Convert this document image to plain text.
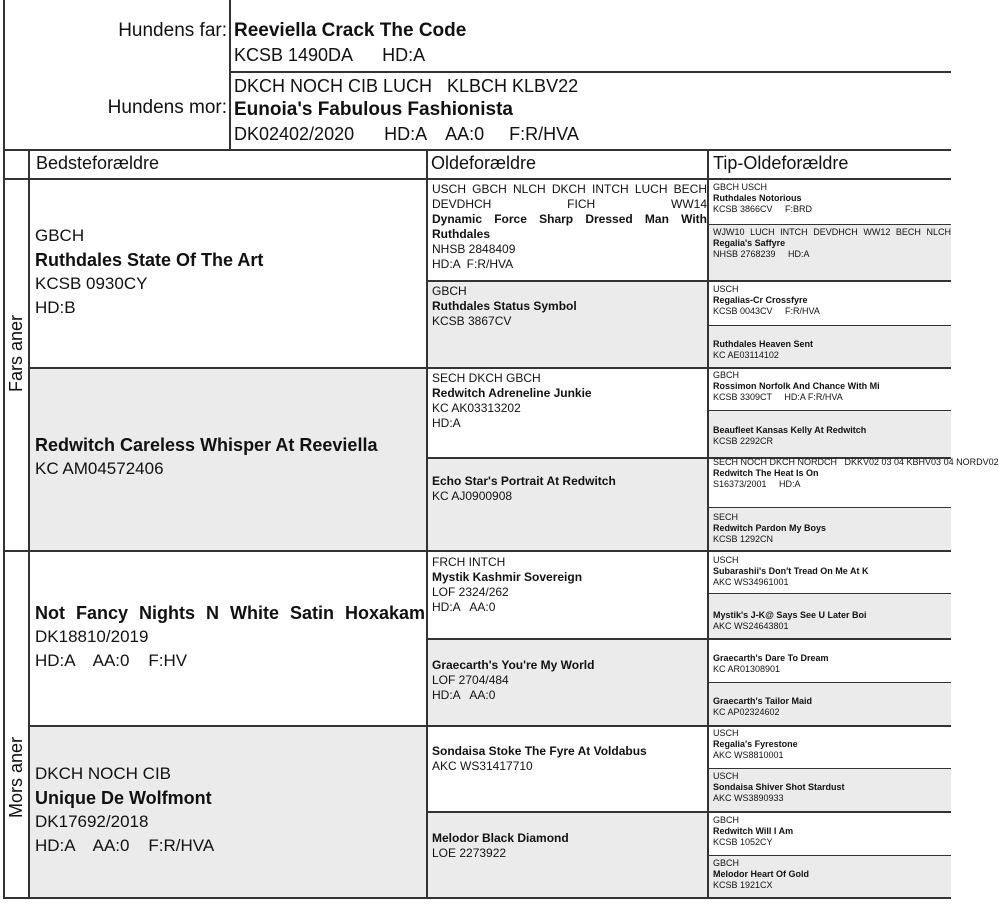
Hundens far: Reeviella Crack The Code
KCSB 1490DA      HD:A
Hundens mor:
DKCH NOCH CIB LUCH   KLBCH KLBV22
Eunoia's Fabulous Fashionista
DK02402/2020      HD:A    AA:0     F:R/HVA
Bedsteforældre	Oldeforældre	Tip-Oldeforældre
Fars aner
Mors aner
GBCH
Ruthdales State Of The Art
KCSB 0930CY
HD:B
Redwitch Careless Whisper At Reeviella
KC AM04572406
Not Fancy Nights N White Satin Hoxakam
DK18810/2019
HD:A    AA:0    F:HV
DKCH NOCH CIB
Unique De Wolfmont
DK17692/2018
HD:A    AA:0    F:R/HVA
USCH GBCH NLCH DKCH INTCH LUCH BECH DEVDHCH FICH WW14
Dynamic Force Sharp Dressed Man With Ruthdales
NHSB 2848409
HD:A  F:R/HVA
GBCH
Ruthdales Status Symbol
KCSB 3867CV
SECH DKCH GBCH
Redwitch Adreneline Junkie
KC AK03313202
HD:A
Echo Star's Portrait At Redwitch
KC AJ0900908
FRCH INTCH
Mystik Kashmir Sovereign
LOF 2324/262
HD:A   AA:0
Graecarth's You're My World
LOF 2704/484
HD:A   AA:0
Sondaisa Stoke The Fyre At Voldabus
AKC WS31417710
Melodor Black Diamond
LOE 2273922
GBCH USCH
Ruthdales Notorious
KCSB 3866CV     F:BRD
WJW10 LUCH INTCH DEVDHCH WW12 BECH NLCH
Regalia's Saffyre
NHSB 2768239     HD:A
USCH
Regalias-Cr Crossfyre
KCSB 0043CV     F:R/HVA
Ruthdales Heaven Sent
KC AE03114102
GBCH
Rossimon Norfolk And Chance With Mi
KCSB 3309CT     HD:A F:R/HVA
Beaufleet Kansas Kelly At Redwitch
KCSB 2292CR
SECH NOCH DKCH NORDCH   DKKV02 03 04 KBHV03 04 NORDV02
Redwitch The Heat Is On
S16373/2001     HD:A
SECH
Redwitch Pardon My Boys
KCSB 1292CN
USCH
Subarashii's Don't Tread On Me At K
AKC WS34961001
Mystik's J-K@ Says See U Later Boi
AKC WS24643801
Graecarth's Dare To Dream
KC AR01308901
Graecarth's Tailor Maid
KC AP02324602
USCH
Regalia's Fyrestone
AKC WS8810001
USCH
Sondaisa Shiver Shot Stardust
AKC WS3890933
GBCH
Redwitch Will I Am
KCSB 1052CY
GBCH
Melodor Heart Of Gold
KCSB 1921CX
